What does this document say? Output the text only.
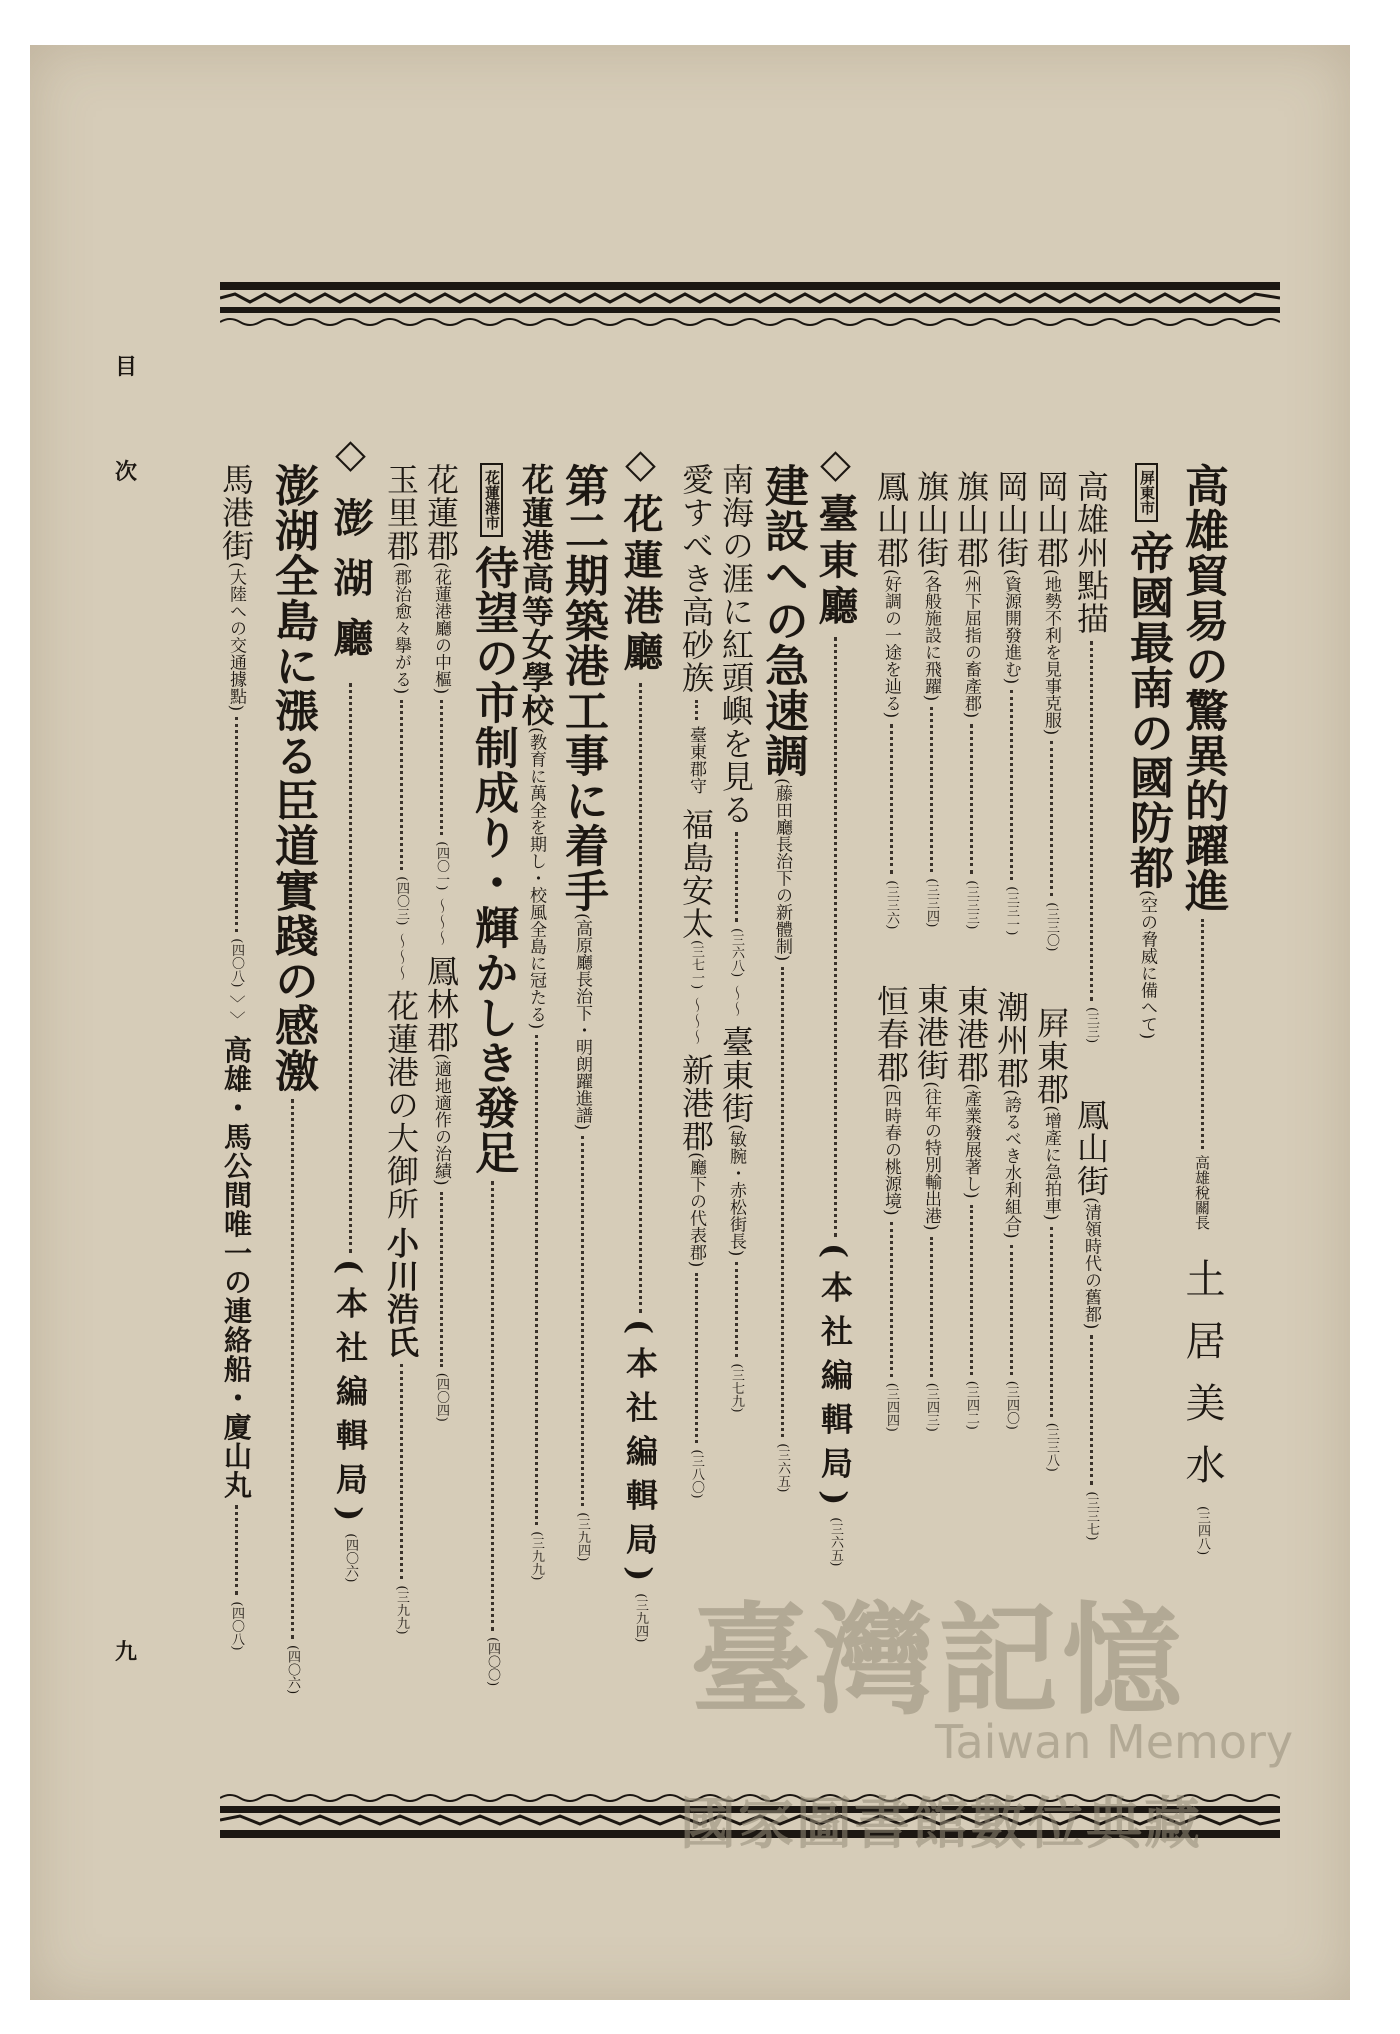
目
次
九
高雄貿易の驚異的躍進高雄稅關長土居美水(三四八)
屏東市帝國最南の國防都(空の脅威に備へて)
高雄州點描(三三)鳳山街(清領時代の舊都)(三三七)
岡山郡(地勢不利を見事克服)(三三〇)屛東郡(增產に急拍車)(三三八)
岡山街(資源開發進む)(三三一)潮州郡(誇るべき水利組合)(三四〇)
旗山郡(州下屈指の畜產郡)(三三三)東港郡(產業發展著し)(三四二)
旗山街(各般施設に飛躍)(三三四)東港街(往年の特別輸出港)(三四三)
鳳山郡(好調の一途を辿る)(三三六)恒春郡(四時春の桃源境)(三四四)
◇臺東廳(本社編輯局)(三六五)
建設への急速調(藤田廳長治下の新體制)(三六五)
南海の涯に紅頭嶼を見る(三六八)～～臺東街(敏腕・赤松街長)(三七九)
愛すべき高砂族臺東郡守福島安太(三七一)～～～新港郡(廳下の代表郡)(三八〇)
◇花蓮港廳(本社編輯局)(三九四)
第二期築港工事に着手(高原廳長治下・明朗躍進譜)(三九四)
花蓮港高等女學校(教育に萬全を期し・校風全島に冠たる)(三九九)
花蓮港市待望の市制成り・輝かしき發足(四〇〇)
花蓮郡(花蓮港廳の中樞)(四〇一)～～～鳳林郡(適地適作の治績)(四〇四)
玉里郡(郡治愈々擧がる)(四〇三)～～～花蓮港の大御所小川浩氏(三九九)
◇澎湖廳(本社編輯局)(四〇六)
澎湖全島に漲る臣道實踐の感激(四〇六)
馬港街(大陸への交通據點)(四〇八)﹀﹀高雄・馬公間唯一の連絡船・廈山丸(四〇八)	臺灣記憶
Taiwan Memory
國家圖書館數位典藏
